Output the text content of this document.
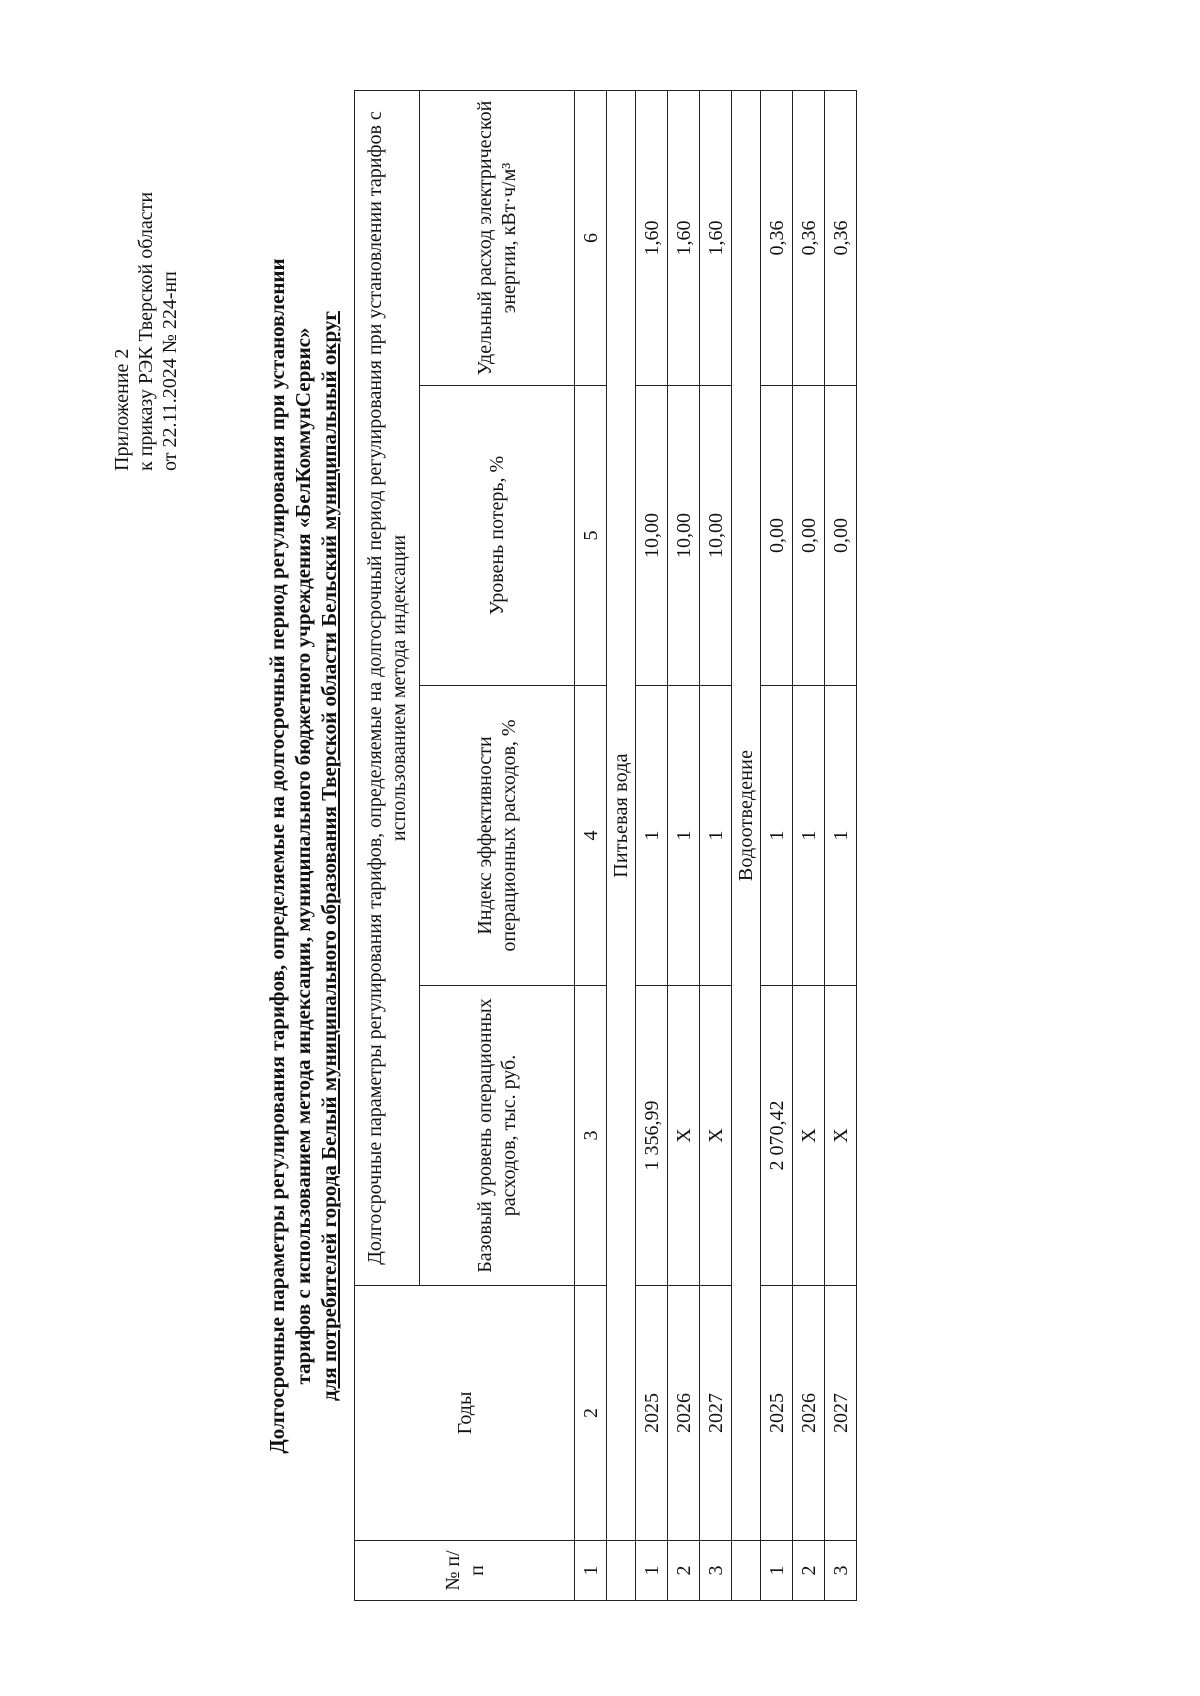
Приложение 2 к приказу РЭК Тверской области от 22.11.2024 № 224-нп	Долгосрочные параметры регулирования тарифов, определяемые на долгосрочный период регулирования при установлении тарифов с использованием метода индексации, муниципального бюджетного учреждения «БелКоммунСервис» для потребителей города Белый муниципального образования Тверской области Бельский муниципальный округ
№ п/п	Годы	Долгосрочные параметры регулирования тарифов, определяемые на долгосрочный период регулирования при установлении тарифов с использованием метода индексации			
		Базовый уровень операционных расходов, тыс. руб.	Индекс эффективности операционных расходов, %	Уровень потерь, %	Удельный расход электрической энергии, кВт·ч/м³
1	2	3	4	5	6
	Питьевая вода				
1	2025	1 356,99	1	10,00	1,60
2	2026	Х	1	10,00	1,60
3	2027	Х	1	10,00	1,60
	Водоотведение				
1	2025	2 070,42	1	0,00	0,36
2	2026	Х	1	0,00	0,36
3	2027	Х	1	0,00	0,36
